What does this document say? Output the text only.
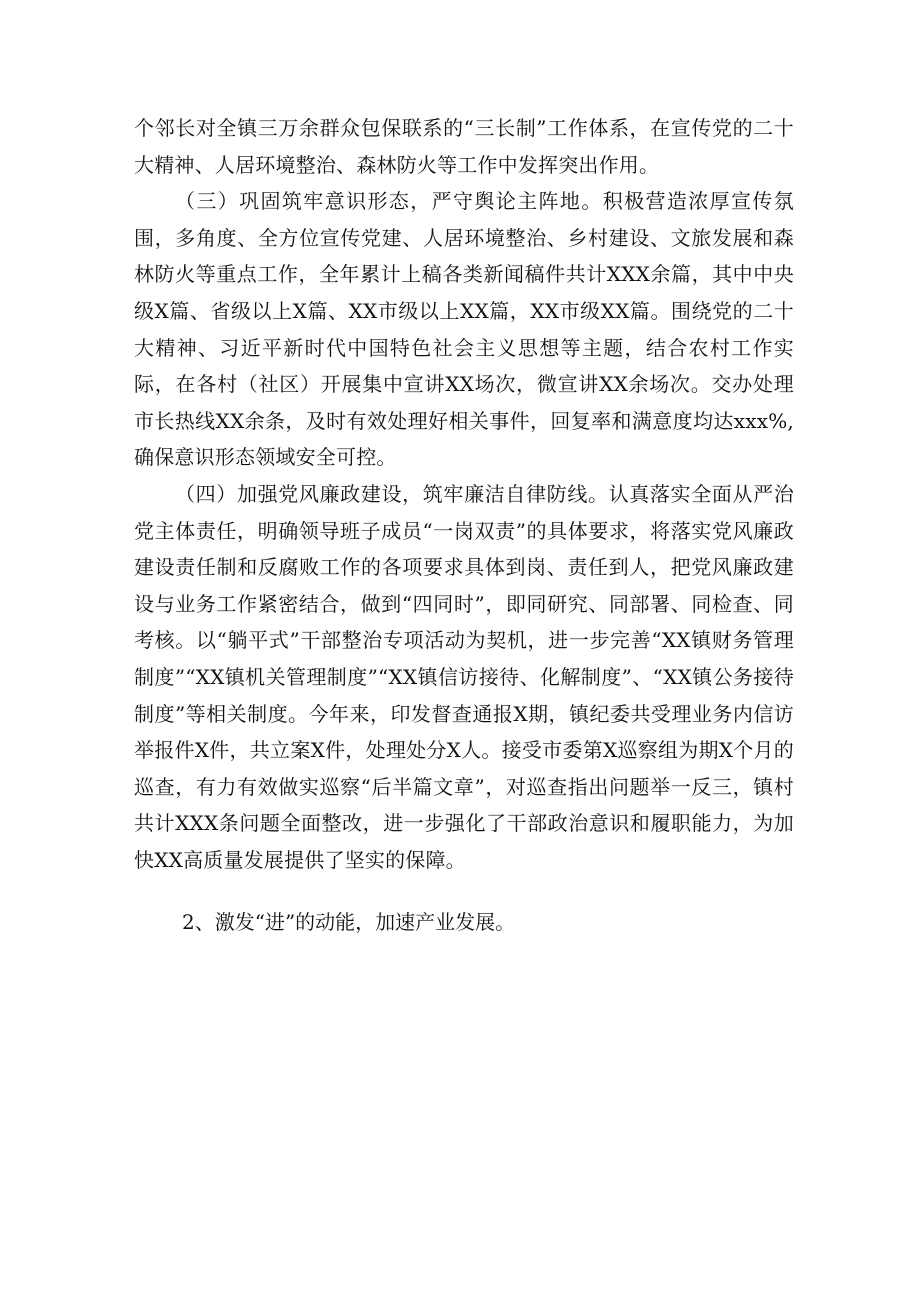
个邻长对全镇三万余群众包保联系的“三长制”工作体系，在宣传党的二十大精神、人居环境整治、森林防火等工作中发挥突出作用。

（三）巩固筑牢意识形态，严守舆论主阵地。积极营造浓厚宣传氛围，多角度、全方位宣传党建、人居环境整治、乡村建设、文旅发展和森林防火等重点工作，全年累计上稿各类新闻稿件共计XXX余篇，其中中央级X篇、省级以上X篇、XX市级以上XX篇，XX市级XX篇。围绕党的二十大精神、习近平新时代中国特色社会主义思想等主题，结合农村工作实际，在各村（社区）开展集中宣讲XX场次，微宣讲XX余场次。交办处理市长热线XX余条，及时有效处理好相关事件，回复率和满意度均达xxx%,确保意识形态领域安全可控。

（四）加强党风廉政建设，筑牢廉洁自律防线。认真落实全面从严治党主体责任，明确领导班子成员“一岗双责”的具体要求，将落实党风廉政建设责任制和反腐败工作的各项要求具体到岗、责任到人，把党风廉政建设与业务工作紧密结合，做到“四同时”，即同研究、同部署、同检查、同考核。以“躺平式”干部整治专项活动为契机，进一步完善“XX镇财务管理制度”“XX镇机关管理制度”“XX镇信访接待、化解制度”、“XX镇公务接待制度”等相关制度。今年来，印发督查通报X期，镇纪委共受理业务内信访举报件X件，共立案X件，处理处分X人。接受市委第X巡察组为期X个月的巡查，有力有效做实巡察“后半篇文章”，对巡查指出问题举一反三，镇村共计XXX条问题全面整改，进一步强化了干部政治意识和履职能力，为加快XX高质量发展提供了坚实的保障。

2、激发“进”的动能，加速产业发展。
